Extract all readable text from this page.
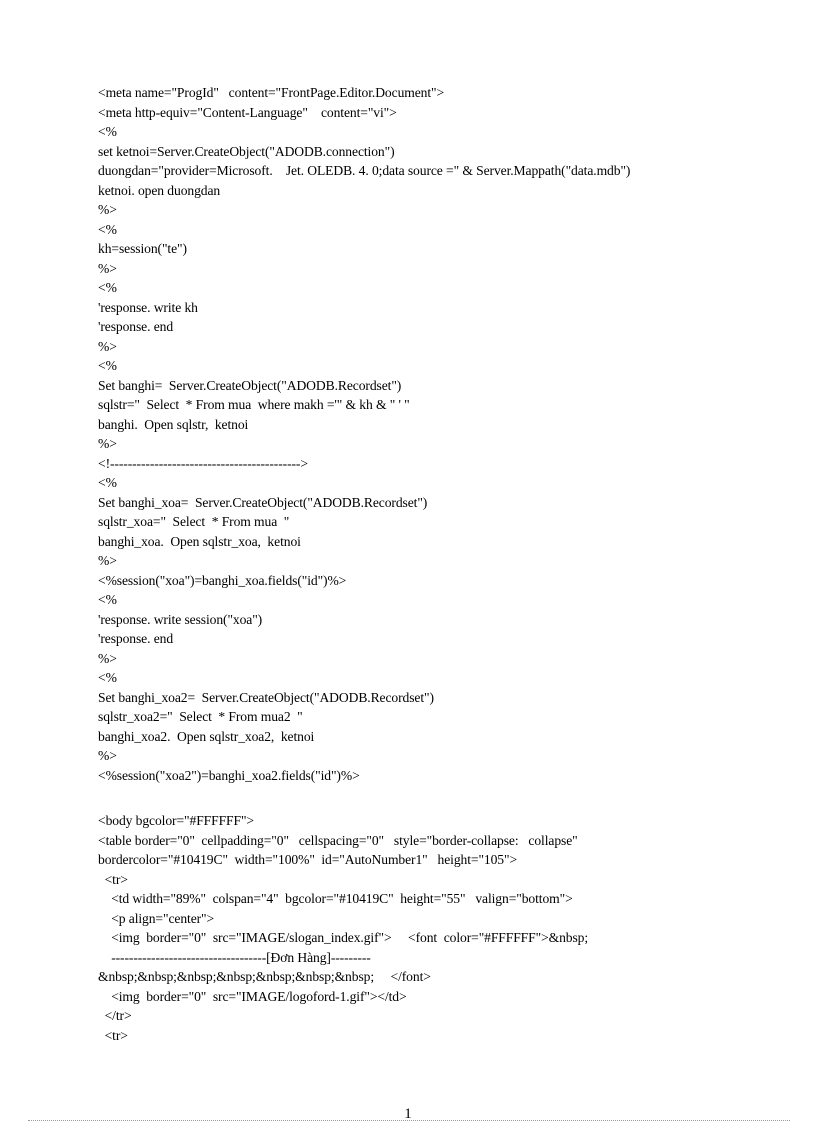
<meta name="ProgId"   content="FrontPage.Editor.Document">
<meta http-equiv="Content-Language"    content="vi">
<%
set ketnoi=Server.CreateObject("ADODB.connection")
duongdan="provider=Microsoft.    Jet. OLEDB. 4. 0;data source =" & Server.Mappath("data.mdb")
ketnoi. open duongdan
%>
<%
kh=session("te")
%>
<%
'response. write kh
'response. end
%>
<%
Set banghi=  Server.CreateObject("ADODB.Recordset")
sqlstr="  Select  * From mua  where makh ='" & kh & " ' "
banghi.  Open sqlstr,  ketnoi
%>
<!------------------------------------------->
<%
Set banghi_xoa=  Server.CreateObject("ADODB.Recordset")
sqlstr_xoa="  Select  * From mua  "
banghi_xoa.  Open sqlstr_xoa,  ketnoi
%>
<%session("xoa")=banghi_xoa.fields("id")%>
<%
'response. write session("xoa")
'response. end
%>
<%
Set banghi_xoa2=  Server.CreateObject("ADODB.Recordset")
sqlstr_xoa2="  Select  * From mua2  "
banghi_xoa2.  Open sqlstr_xoa2,  ketnoi
%>
<%session("xoa2")=banghi_xoa2.fields("id")%>
<body bgcolor="#FFFFFF">
<table border="0"  cellpadding="0"   cellspacing="0"   style="border-collapse:   collapse"
bordercolor="#10419C"  width="100%"  id="AutoNumber1"   height="105">
<tr>
<td width="89%"  colspan="4"  bgcolor="#10419C"  height="55"   valign="bottom">
<p align="center">
<img  border="0"  src="IMAGE/slogan_index.gif">     <font  color="#FFFFFF">&nbsp;
-----------------------------------[Đơn Hàng]---------
&nbsp;&nbsp;&nbsp;&nbsp;&nbsp;&nbsp;&nbsp;     </font>
<img  border="0"  src="IMAGE/logoford-1.gif"></td>
</tr>
<tr>
1
